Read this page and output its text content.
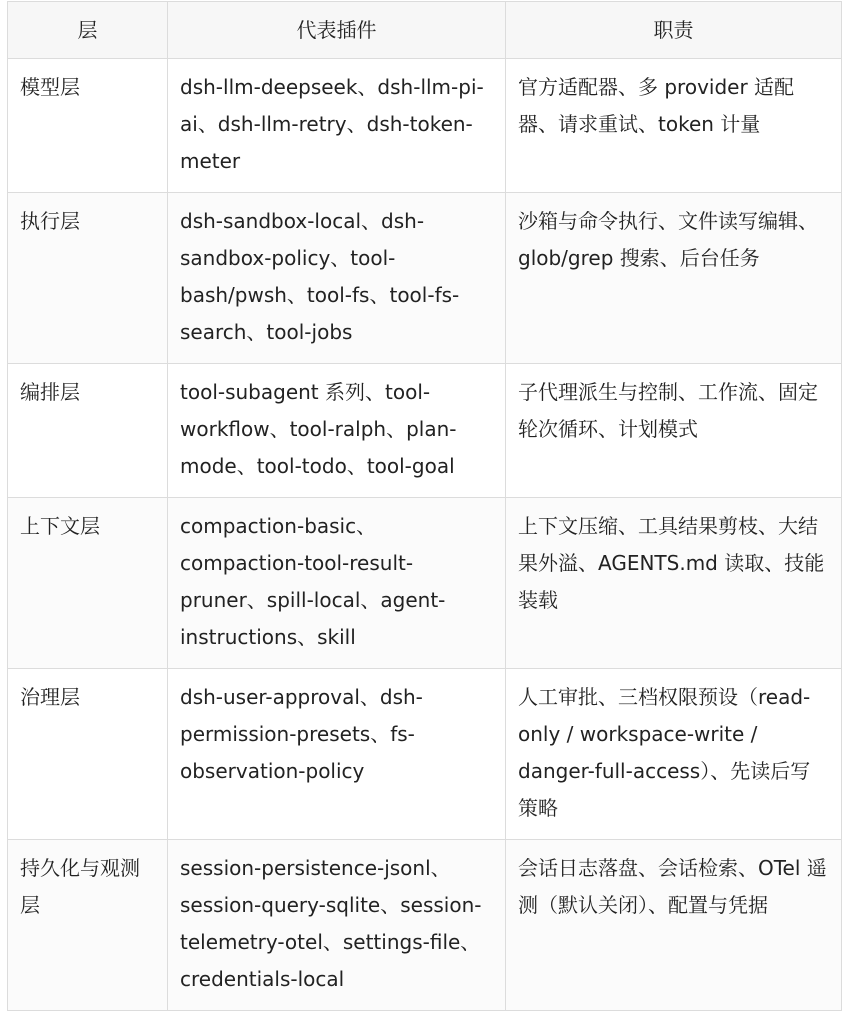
层	代表插件	职责
模型层	dsh-llm-deepseek、dsh-llm-pi-ai、dsh-llm-retry、dsh-token-meter	官方适配器、多 provider 适配器、请求重试、token 计量
执行层	dsh-sandbox-local、dsh-sandbox-policy、tool-bash/pwsh、tool-fs、tool-fs-search、tool-jobs	沙箱与命令执行、文件读写编辑、glob/grep 搜索、后台任务
编排层	tool-subagent 系列、tool-workflow、tool-ralph、plan-mode、tool-todo、tool-goal	子代理派生与控制、工作流、固定轮次循环、计划模式
上下文层	compaction-basic、compaction-tool-result-pruner、spill-local、agent-instructions、skill	上下文压缩、工具结果剪枝、大结果外溢、AGENTS.md 读取、技能装载
治理层	dsh-user-approval、dsh-permission-presets、fs-observation-policy	人工审批、三档权限预设（read-only / workspace-write / danger-full-access）、先读后写策略
持久化与观测层	session-persistence-jsonl、session-query-sqlite、session-telemetry-otel、settings-file、credentials-local	会话日志落盘、会话检索、OTel 遥测（默认关闭）、配置与凭据
